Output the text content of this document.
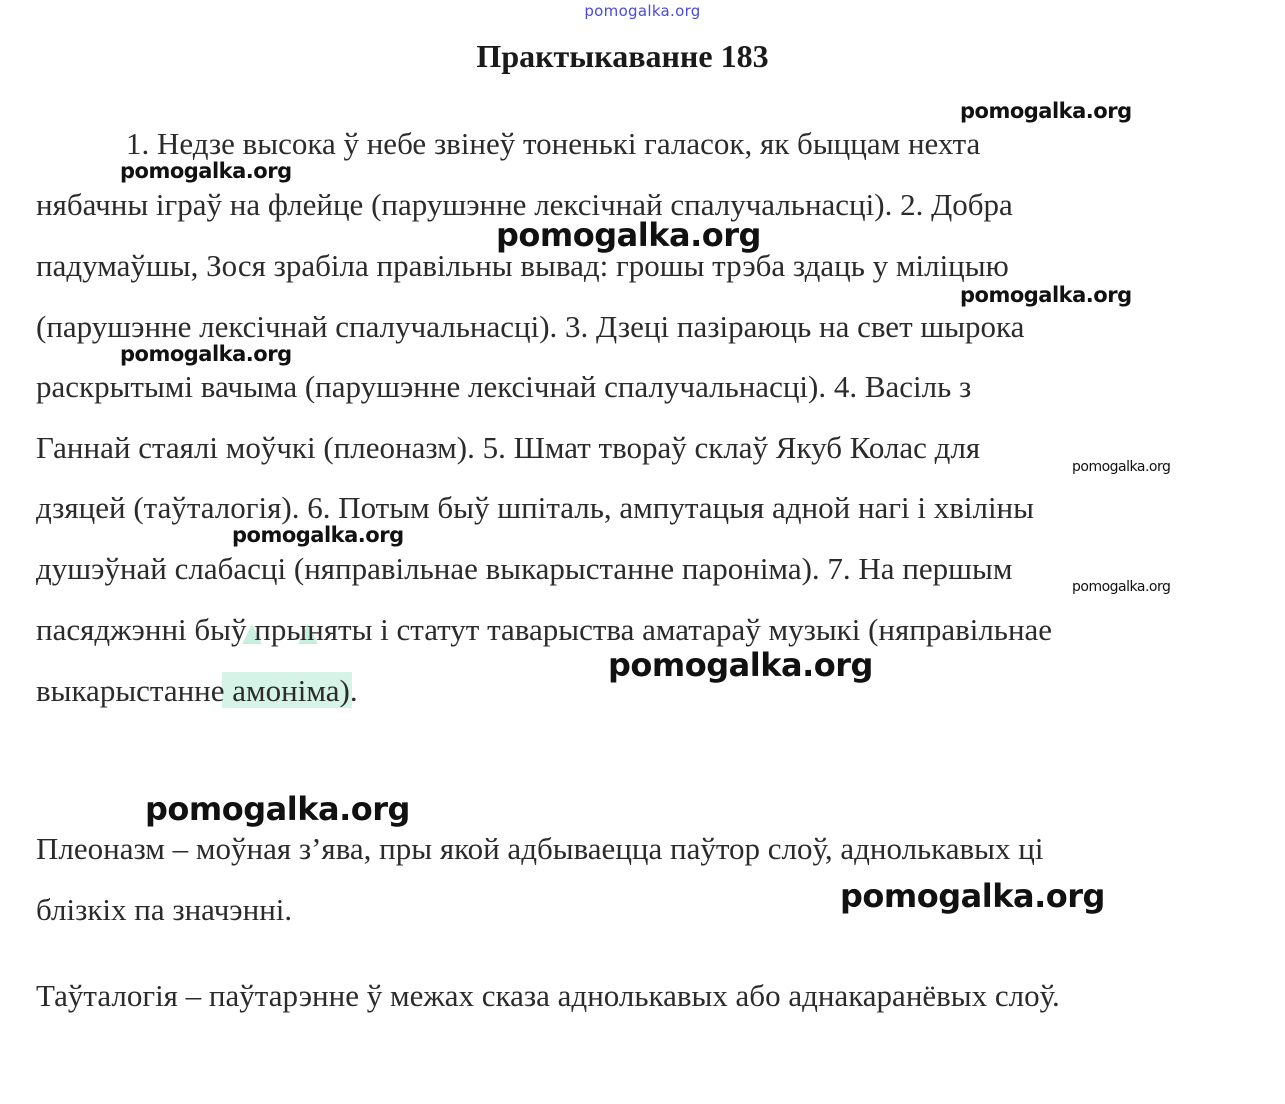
pomogalka.org
Практыкаванне 183
1. Недзе высока ў небе звінеў тоненькі галасок, як быццам нехта
нябачны іграў на флейце (парушэнне лексічнай спалучальнасці). 2. Добра
падумаўшы, Зося зрабіла правільны вывад: грошы трэба здаць у міліцыю
(парушэнне лексічнай спалучальнасці). 3. Дзеці пазіраюць на свет шырока
раскрытымі вачыма (парушэнне лексічнай спалучальнасці). 4. Васіль з
Ганнай стаялі моўчкі (плеоназм). 5. Шмат твораў склаў Якуб Колас для
дзяцей (таўталогія). 6. Потым быў шпіталь, ампутацыя адной нагі і хвіліны
душэўнай слабасці (няправільнае выкарыстанне пароніма). 7. На першым
пасяджэнні быў прыняты і статут таварыства аматараў музыкі (няправільнае
выкарыстанне амоніма).
Плеоназм – моўная з’ява, пры якой адбываецца паўтор слоў, аднолькавых ці
блізкіх па значэнні.
Таўталогія – паўтарэнне ў межах сказа аднолькавых або аднакаранёвых слоў.
pomogalka.org
pomogalka.org
pomogalka.org
pomogalka.org
pomogalka.org
pomogalka.org
pomogalka.org
pomogalka.org
pomogalka.org
pomogalka.org
pomogalka.org
